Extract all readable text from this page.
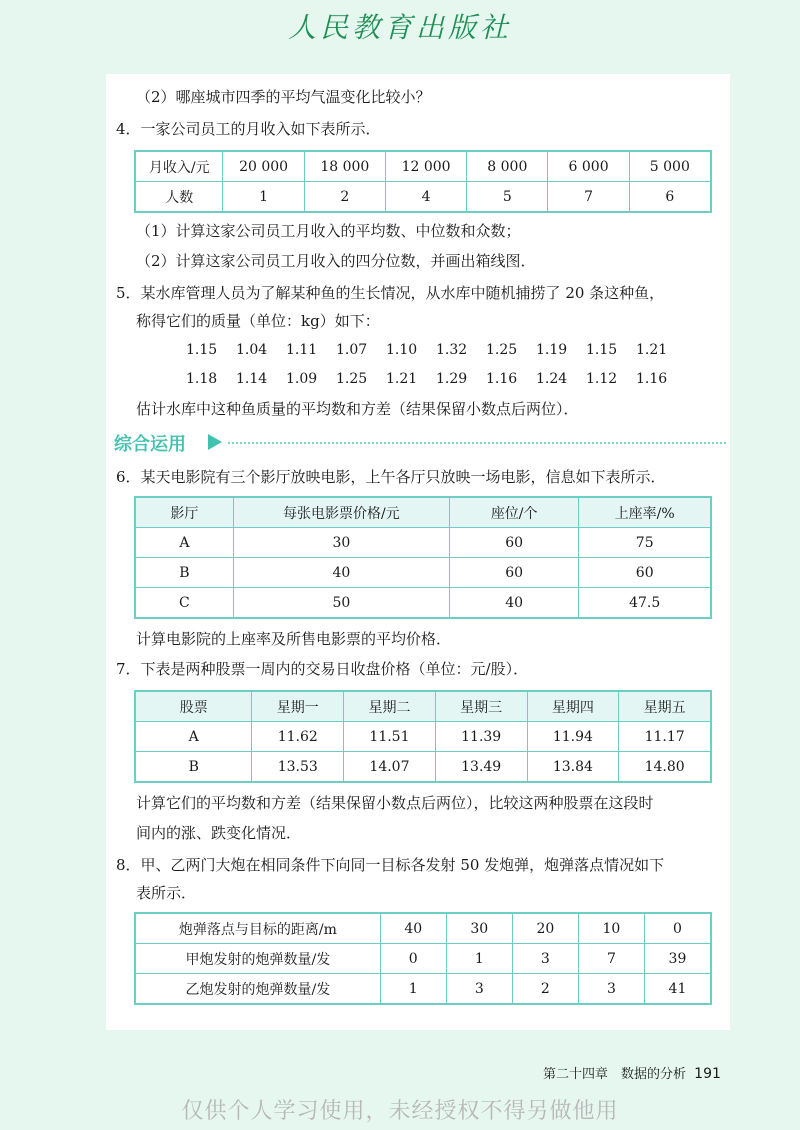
人民教育出版社
（2）哪座城市四季的平均气温变化比较小？
4．一家公司员工的月收入如下表所示．
月收入/元	20 000	18 000	12 000	8 000	6 000	5 000
人数	1	2	4	5	7	6
（1）计算这家公司员工月收入的平均数、中位数和众数；
（2）计算这家公司员工月收入的四分位数，并画出箱线图．
5．某水库管理人员为了解某种鱼的生长情况，从水库中随机捕捞了 20 条这种鱼，
称得它们的质量（单位：kg）如下：
1.15 1.04 1.11 1.07 1.10 1.32 1.25 1.19 1.15 1.21
1.18 1.14 1.09 1.25 1.21 1.29 1.16 1.24 1.12 1.16
估计水库中这种鱼质量的平均数和方差（结果保留小数点后两位）．
综合运用
6．某天电影院有三个影厅放映电影，上午各厅只放映一场电影，信息如下表所示．
影厅	每张电影票价格/元	座位/个	上座率/%
A	30	60	75
B	40	60	60
C	50	40	47.5
计算电影院的上座率及所售电影票的平均价格．
7．下表是两种股票一周内的交易日收盘价格（单位：元/股）．
股票	星期一	星期二	星期三	星期四	星期五
A	11.62	11.51	11.39	11.94	11.17
B	13.53	14.07	13.49	13.84	14.80
计算它们的平均数和方差（结果保留小数点后两位），比较这两种股票在这段时
间内的涨、跌变化情况．
8．甲、乙两门大炮在相同条件下向同一目标各发射 50 发炮弹，炮弹落点情况如下
表所示．
炮弹落点与目标的距离/m	40	30	20	10	0
甲炮发射的炮弹数量/发	0	1	3	7	39
乙炮发射的炮弹数量/发	1	3	2	3	41
第二十四章　数据的分析 191
仅供个人学习使用，未经授权不得另做他用
